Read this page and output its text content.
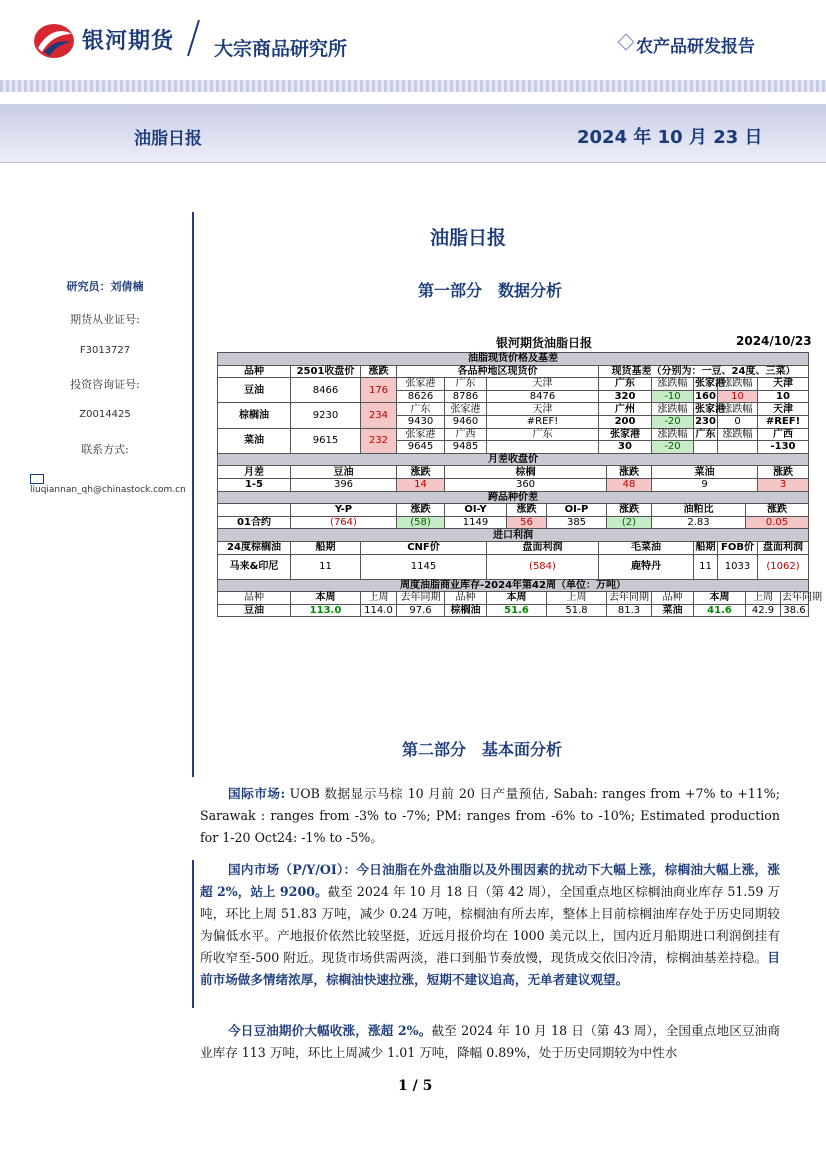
银河期货 大宗商品研究所	农产品研发报告
油脂日报	2024 年 10 月 23 日
研究员：刘倩楠
期货从业证号:
F3013727
投资咨询证号:
Z0014425
联系方式:
liuqiannan_qh@chinastock.com.cn
油脂日报
第一部分　数据分析
银河期货油脂日报	2024/10/23
油脂现货价格及基差																
品种	2501收盘价	涨跌	各品种地区现货价					现货基差（分别为：一豆、24度、三菜）								
豆油	8466	176	张家港	广东	天津			广东		涨跌幅	张家港	涨跌幅		天津	
			8626	8786	8476			320		-10	160	10		10	
棕榈油	9230	234	广东	张家港	天津			广州		涨跌幅	张家港	涨跌幅		天津	
			9430	9460	#REF!			200		-20	230	0		#REF!	
菜油	9615	232	张家港	广西	广东			张家港		涨跌幅	广东	涨跌幅		广西	
			9645	9485				30		-20				-130	
月差收盘价																
月差	豆油		涨跌	棕榈					涨跌	菜油				涨跌		
1-5	396		14	360					48	9				3		
跨品种价差																
	Y-P		涨跌	OI-Y		涨跌	OI-P		涨跌	油粕比			涨跌			
01合约	(764)		(58)	1149		56	385		(2)	2.83			0.05			
进口利润																
24度棕榈油	船期	CNF价			盘面利润			毛菜油			船期	FOB价		盘面利润		
马来&印尼	11	1145			(584)			鹿特丹			11	1033		(1062)		
周度油脂商业库存-2024年第42周（单位：万吨）																
品种	本周	上周	去年同期	品种	本周		上周		去年同期	品种	本周		上周		去年同期	
豆油	113.0	114.0	97.6	棕榈油	51.6		51.8		81.3	菜油	41.6		42.9		38.6	
第二部分　基本面分析
国际市场: UOB 数据显示马棕 10 月前 20 日产量预估, Sabah: ranges from +7% to +11%; Sarawak : ranges from -3% to -7%; PM: ranges from -6% to -10%; Estimated production for 1-20 Oct24: -1% to -5%。
国内市场（P/Y/OI）：今日油脂在外盘油脂以及外围因素的扰动下大幅上涨，棕榈油大幅上涨，涨超 2%，站上 9200。截至 2024 年 10 月 18 日（第 42 周），全国重点地区棕榈油商业库存 51.59 万吨，环比上周 51.83 万吨，减少 0.24 万吨，棕榈油有所去库，整体上目前棕榈油库存处于历史同期较为偏低水平。产地报价依然比较坚挺，近远月报价均在 1000 美元以上，国内近月船期进口利润倒挂有所收窄至-500 附近。现货市场供需两淡，港口到船节奏放慢，现货成交依旧冷清，棕榈油基差持稳。目前市场做多情绪浓厚，棕榈油快速拉涨，短期不建议追高，无单者建议观望。
今日豆油期价大幅收涨，涨超 2%。截至 2024 年 10 月 18 日（第 43 周），全国重点地区豆油商业库存 113 万吨，环比上周减少 1.01 万吨，降幅 0.89%，处于历史同期较为中性水
1 / 5
